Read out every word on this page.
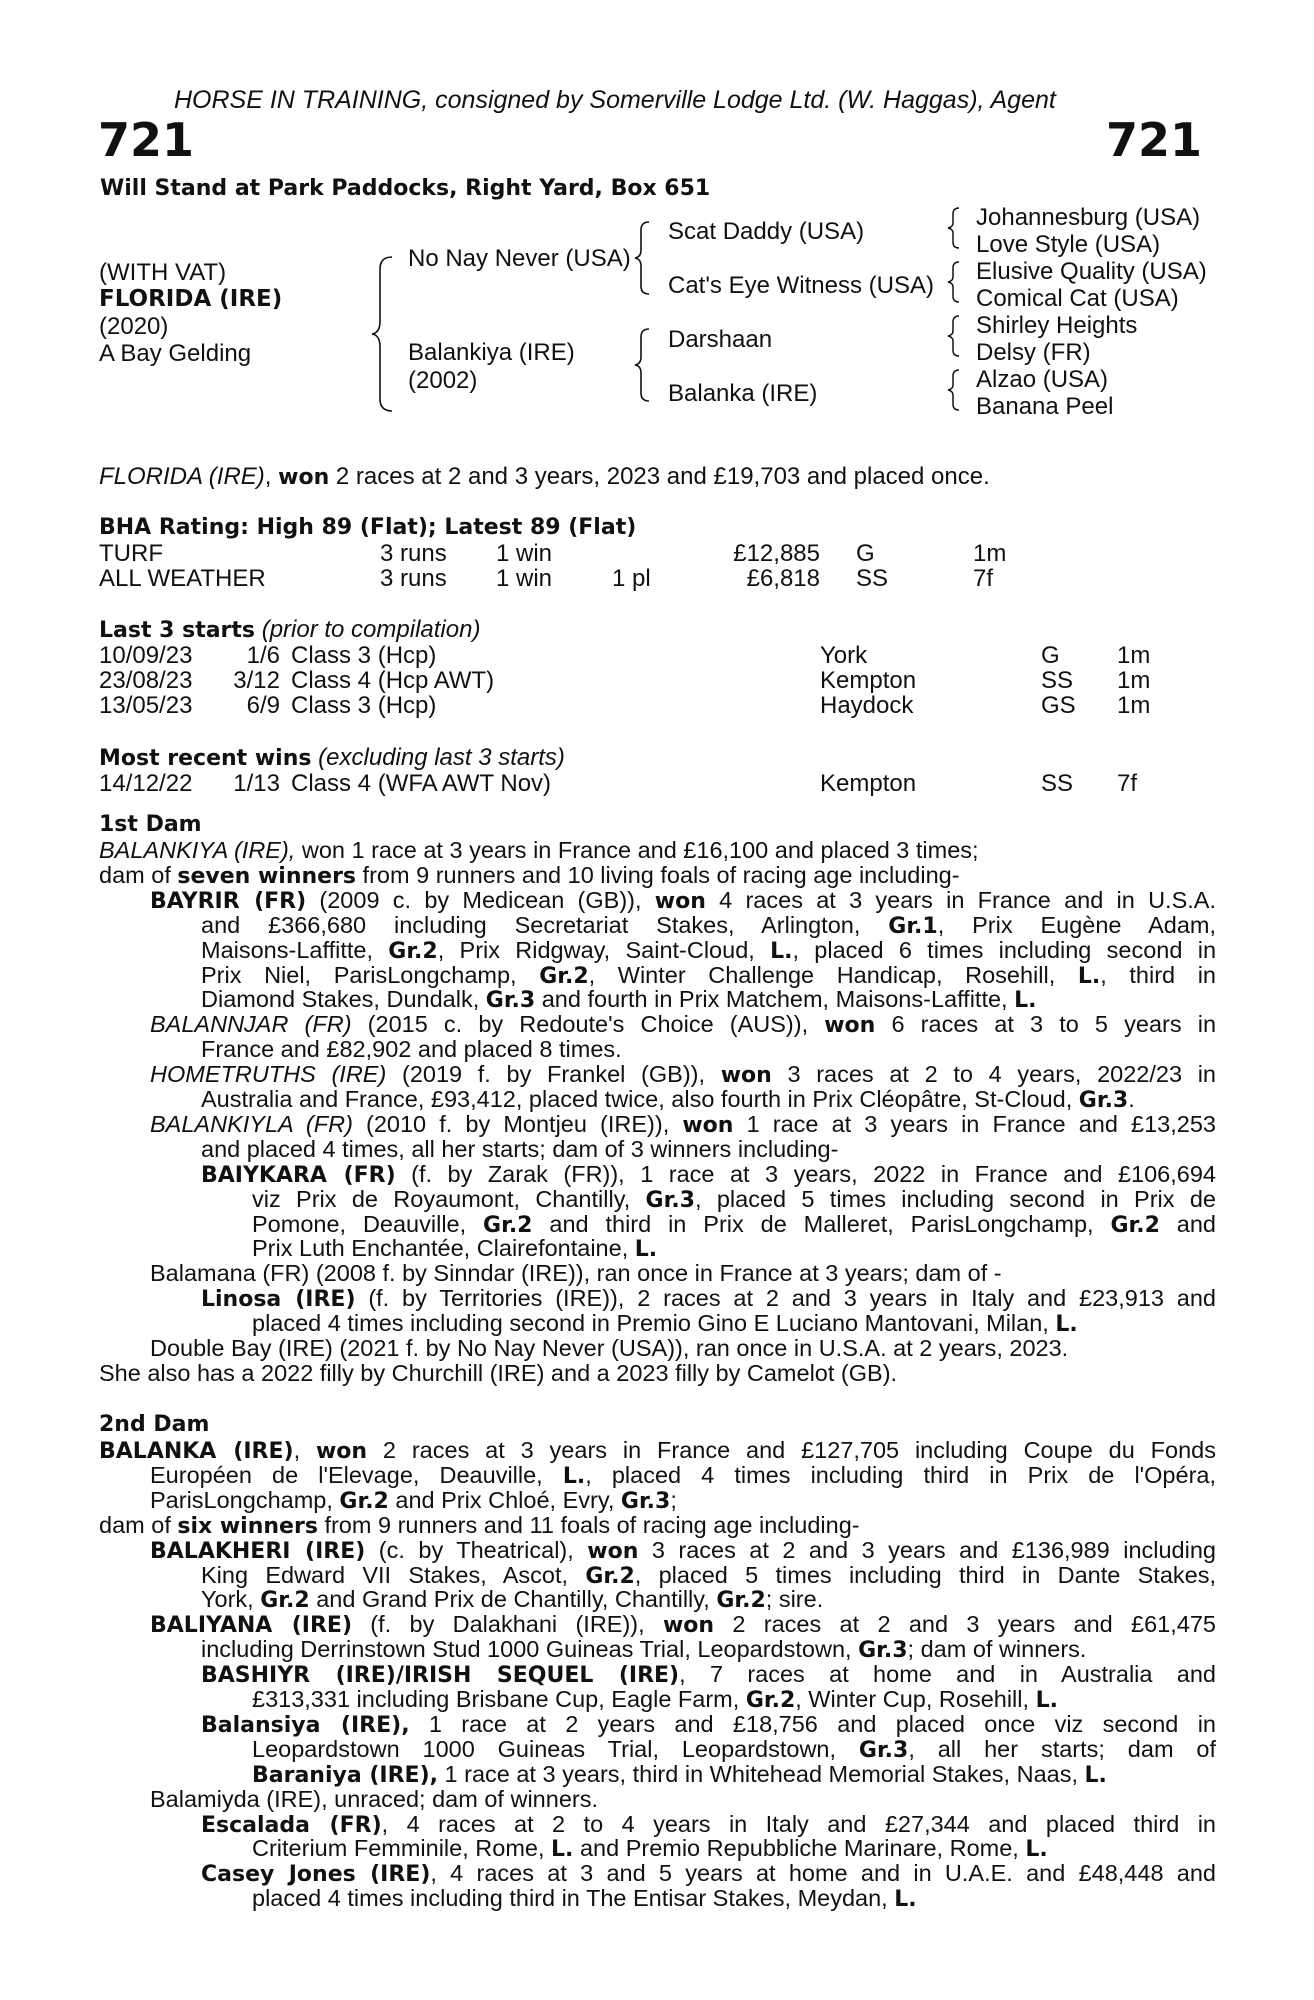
HORSE IN TRAINING, consigned by Somerville Lodge Ltd. (W. Haggas), Agent
721	721
Will Stand at Park Paddocks, Right Yard, Box 651
(WITH VAT)
FLORIDA (IRE)
(2020)
A Bay Gelding
No Nay Never (USA)
Balankiya (IRE)
(2002)
Scat Daddy (USA)
Cat's Eye Witness (USA)
Darshaan
Balanka (IRE)
Johannesburg (USA)
Love Style (USA)
Elusive Quality (USA)
Comical Cat (USA)
Shirley Heights
Delsy (FR)
Alzao (USA)
Banana Peel
FLORIDA (IRE), won 2 races at 2 and 3 years, 2023 and £19,703 and placed once.
BHA Rating: High 89 (Flat); Latest 89 (Flat)
TURF	3 runs 1 win	£12,885 G	1m
ALL WEATHER	3 runs 1 win 1 pl	£6,818 SS	7f
Last 3 starts (prior to compilation)
10/09/23 1/6 Class 3 (Hcp)	York	G 1m
23/08/23 3/12 Class 4 (Hcp AWT)	Kempton	SS 1m
13/05/23 6/9 Class 3 (Hcp)	Haydock	GS 1m
Most recent wins (excluding last 3 starts)
14/12/22 1/13 Class 4 (WFA AWT Nov)	Kempton	SS 7f
1st Dam
BALANKIYA (IRE), won 1 race at 3 years in France and £16,100 and placed 3 times;
dam of seven winners from 9 runners and 10 living foals of racing age including-
BAYRIR (FR) (2009 c. by Medicean (GB)), won 4 races at 3 years in France and in U.S.A.
and £366,680 including Secretariat Stakes, Arlington, Gr.1, Prix Eugène Adam,
Maisons-Laffitte, Gr.2, Prix Ridgway, Saint-Cloud, L., placed 6 times including second in
Prix Niel, ParisLongchamp, Gr.2, Winter Challenge Handicap, Rosehill, L., third in
Diamond Stakes, Dundalk, Gr.3 and fourth in Prix Matchem, Maisons-Laffitte, L.
BALANNJAR (FR) (2015 c. by Redoute's Choice (AUS)), won 6 races at 3 to 5 years in
France and £82,902 and placed 8 times.
HOMETRUTHS (IRE) (2019 f. by Frankel (GB)), won 3 races at 2 to 4 years, 2022/23 in
Australia and France, £93,412, placed twice, also fourth in Prix Cléopâtre, St-Cloud, Gr.3.
BALANKIYLA (FR) (2010 f. by Montjeu (IRE)), won 1 race at 3 years in France and £13,253
and placed 4 times, all her starts; dam of 3 winners including-
BAIYKARA (FR) (f. by Zarak (FR)), 1 race at 3 years, 2022 in France and £106,694
viz Prix de Royaumont, Chantilly, Gr.3, placed 5 times including second in Prix de
Pomone, Deauville, Gr.2 and third in Prix de Malleret, ParisLongchamp, Gr.2 and
Prix Luth Enchantée, Clairefontaine, L.
Balamana (FR) (2008 f. by Sinndar (IRE)), ran once in France at 3 years; dam of -
Linosa (IRE) (f. by Territories (IRE)), 2 races at 2 and 3 years in Italy and £23,913 and
placed 4 times including second in Premio Gino E Luciano Mantovani, Milan, L.
Double Bay (IRE) (2021 f. by No Nay Never (USA)), ran once in U.S.A. at 2 years, 2023.
She also has a 2022 filly by Churchill (IRE) and a 2023 filly by Camelot (GB).
2nd Dam
BALANKA (IRE), won 2 races at 3 years in France and £127,705 including Coupe du Fonds
Européen de l'Elevage, Deauville, L., placed 4 times including third in Prix de l'Opéra,
ParisLongchamp, Gr.2 and Prix Chloé, Evry, Gr.3;
dam of six winners from 9 runners and 11 foals of racing age including-
BALAKHERI (IRE) (c. by Theatrical), won 3 races at 2 and 3 years and £136,989 including
King Edward VII Stakes, Ascot, Gr.2, placed 5 times including third in Dante Stakes,
York, Gr.2 and Grand Prix de Chantilly, Chantilly, Gr.2; sire.
BALIYANA (IRE) (f. by Dalakhani (IRE)), won 2 races at 2 and 3 years and £61,475
including Derrinstown Stud 1000 Guineas Trial, Leopardstown, Gr.3; dam of winners.
BASHIYR (IRE)/IRISH SEQUEL (IRE), 7 races at home and in Australia and
£313,331 including Brisbane Cup, Eagle Farm, Gr.2, Winter Cup, Rosehill, L.
Balansiya (IRE), 1 race at 2 years and £18,756 and placed once viz second in
Leopardstown 1000 Guineas Trial, Leopardstown, Gr.3, all her starts; dam of
Baraniya (IRE), 1 race at 3 years, third in Whitehead Memorial Stakes, Naas, L.
Balamiyda (IRE), unraced; dam of winners.
Escalada (FR), 4 races at 2 to 4 years in Italy and £27,344 and placed third in
Criterium Femminile, Rome, L. and Premio Repubbliche Marinare, Rome, L.
Casey Jones (IRE), 4 races at 3 and 5 years at home and in U.A.E. and £48,448 and
placed 4 times including third in The Entisar Stakes, Meydan, L.
